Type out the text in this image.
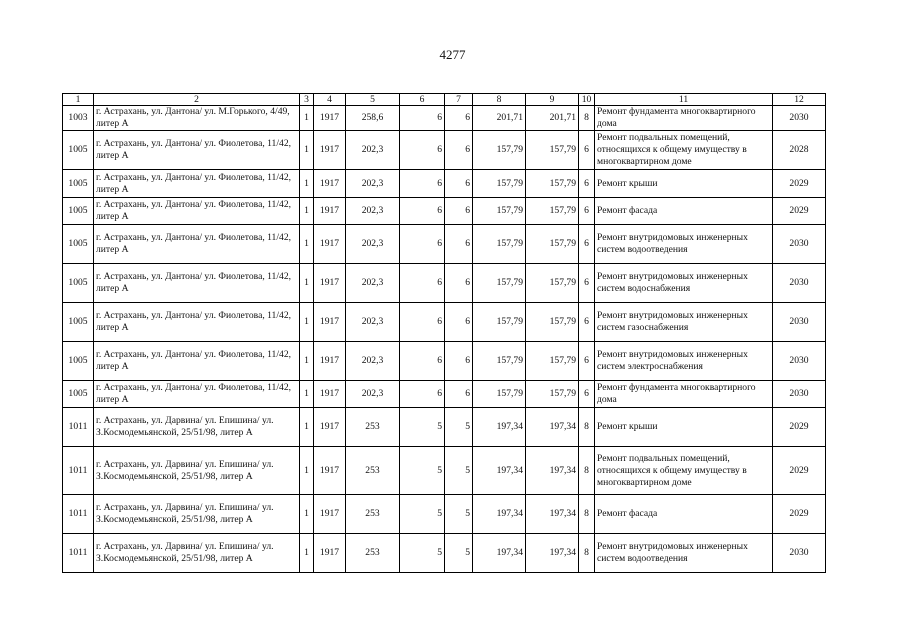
4277
1	2	3	4	5	6	7	8	9	10	11	12
1003	г. Астрахань, ул. Дантона/ ул. М.Горького, 4/49, литер А	1	1917	258,6	6	6	201,71	201,71	8	Ремонт фундамента многоквартирного дома	2030
1005	г. Астрахань, ул. Дантона/ ул. Фиолетова, 11/42, литер А	1	1917	202,3	6	6	157,79	157,79	6	Ремонт подвальных помещений, относящихся к общему имуществу в многоквартирном доме	2028
1005	г. Астрахань, ул. Дантона/ ул. Фиолетова, 11/42, литер А	1	1917	202,3	6	6	157,79	157,79	6	Ремонт крыши	2029
1005	г. Астрахань, ул. Дантона/ ул. Фиолетова, 11/42, литер А	1	1917	202,3	6	6	157,79	157,79	6	Ремонт фасада	2029
1005	г. Астрахань, ул. Дантона/ ул. Фиолетова, 11/42, литер А	1	1917	202,3	6	6	157,79	157,79	6	Ремонт внутридомовых инженерных систем водоотведения	2030
1005	г. Астрахань, ул. Дантона/ ул. Фиолетова, 11/42, литер А	1	1917	202,3	6	6	157,79	157,79	6	Ремонт внутридомовых инженерных систем водоснабжения	2030
1005	г. Астрахань, ул. Дантона/ ул. Фиолетова, 11/42, литер А	1	1917	202,3	6	6	157,79	157,79	6	Ремонт внутридомовых инженерных систем газоснабжения	2030
1005	г. Астрахань, ул. Дантона/ ул. Фиолетова, 11/42, литер А	1	1917	202,3	6	6	157,79	157,79	6	Ремонт внутридомовых инженерных систем электроснабжения	2030
1005	г. Астрахань, ул. Дантона/ ул. Фиолетова, 11/42, литер А	1	1917	202,3	6	6	157,79	157,79	6	Ремонт фундамента многоквартирного дома	2030
1011	г. Астрахань, ул. Дарвина/ ул. Епишина/ ул. З.Космодемьянской, 25/51/98, литер А	1	1917	253	5	5	197,34	197,34	8	Ремонт крыши	2029
1011	г. Астрахань, ул. Дарвина/ ул. Епишина/ ул. З.Космодемьянской, 25/51/98, литер А	1	1917	253	5	5	197,34	197,34	8	Ремонт подвальных помещений, относящихся к общему имуществу в многоквартирном доме	2029
1011	г. Астрахань, ул. Дарвина/ ул. Епишина/ ул. З.Космодемьянской, 25/51/98, литер А	1	1917	253	5	5	197,34	197,34	8	Ремонт фасада	2029
1011	г. Астрахань, ул. Дарвина/ ул. Епишина/ ул. З.Космодемьянской, 25/51/98, литер А	1	1917	253	5	5	197,34	197,34	8	Ремонт внутридомовых инженерных систем водоотведения	2030
